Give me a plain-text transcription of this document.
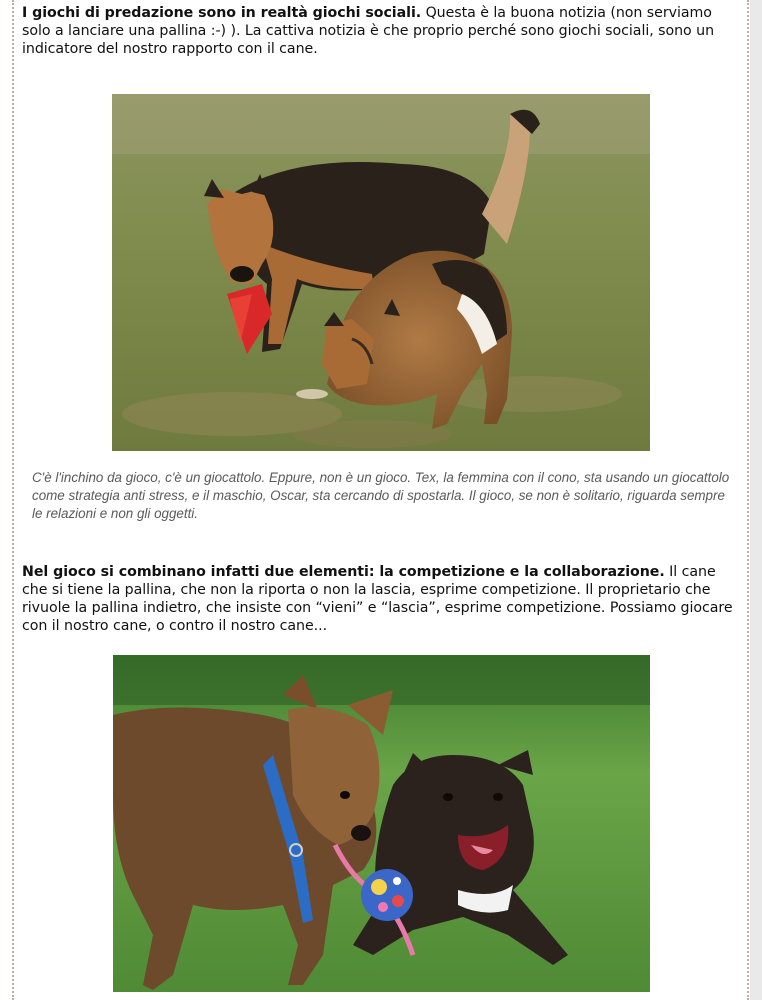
I giochi di predazione sono in realtà giochi sociali. Questa è la buona notizia (non serviamo solo a lanciare una pallina :-) ). La cattiva notizia è che proprio perché sono giochi sociali, sono un indicatore del nostro rapporto con il cane.

C'è l'inchino da gioco, c'è un giocattolo. Eppure, non è un gioco. Tex, la femmina con il cono, sta usando un giocattolo come strategia anti stress, e il maschio, Oscar, sta cercando di spostarla. Il gioco, se non è solitario, riguarda sempre le relazioni e non gli oggetti.

Nel gioco si combinano infatti due elementi: la competizione e la collaborazione. Il cane che si tiene la pallina, che non la riporta o non la lascia, esprime competizione. Il proprietario che rivuole la pallina indietro, che insiste con “vieni” e “lascia”, esprime competizione. Possiamo giocare con il nostro cane, o contro il nostro cane...
